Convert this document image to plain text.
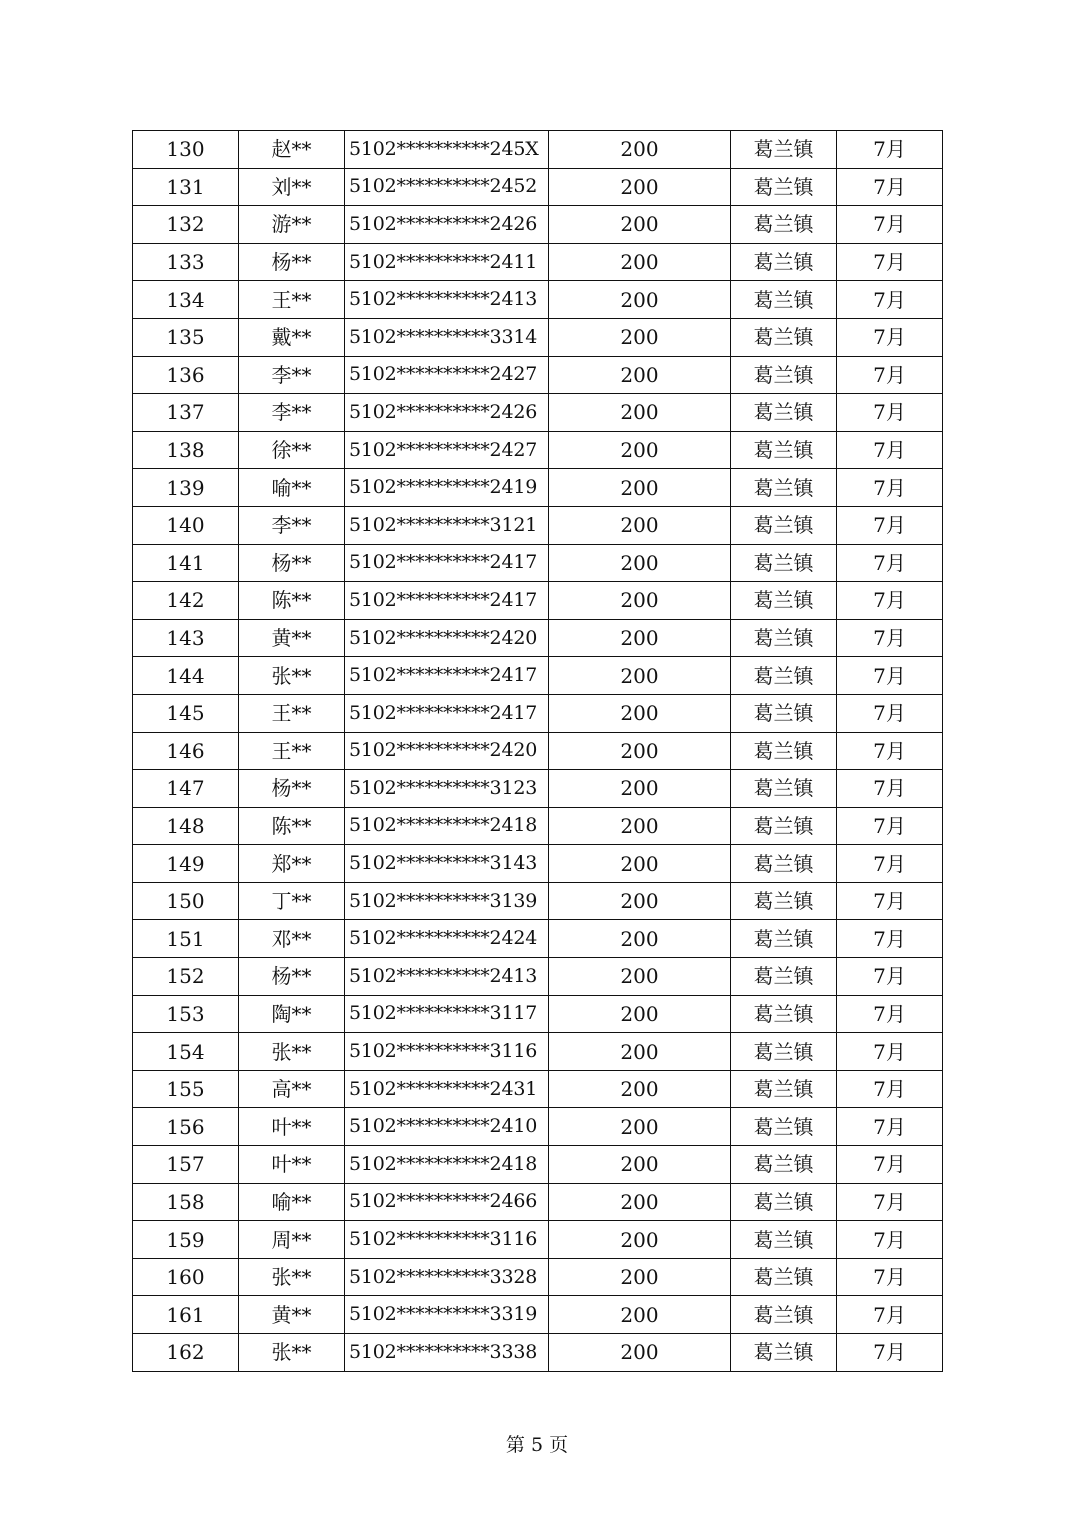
130	赵**	5102**********245X	200	葛兰镇	7月
131	刘**	5102**********2452	200	葛兰镇	7月
132	游**	5102**********2426	200	葛兰镇	7月
133	杨**	5102**********2411	200	葛兰镇	7月
134	王**	5102**********2413	200	葛兰镇	7月
135	戴**	5102**********3314	200	葛兰镇	7月
136	李**	5102**********2427	200	葛兰镇	7月
137	李**	5102**********2426	200	葛兰镇	7月
138	徐**	5102**********2427	200	葛兰镇	7月
139	喻**	5102**********2419	200	葛兰镇	7月
140	李**	5102**********3121	200	葛兰镇	7月
141	杨**	5102**********2417	200	葛兰镇	7月
142	陈**	5102**********2417	200	葛兰镇	7月
143	黄**	5102**********2420	200	葛兰镇	7月
144	张**	5102**********2417	200	葛兰镇	7月
145	王**	5102**********2417	200	葛兰镇	7月
146	王**	5102**********2420	200	葛兰镇	7月
147	杨**	5102**********3123	200	葛兰镇	7月
148	陈**	5102**********2418	200	葛兰镇	7月
149	郑**	5102**********3143	200	葛兰镇	7月
150	丁**	5102**********3139	200	葛兰镇	7月
151	邓**	5102**********2424	200	葛兰镇	7月
152	杨**	5102**********2413	200	葛兰镇	7月
153	陶**	5102**********3117	200	葛兰镇	7月
154	张**	5102**********3116	200	葛兰镇	7月
155	高**	5102**********2431	200	葛兰镇	7月
156	叶**	5102**********2410	200	葛兰镇	7月
157	叶**	5102**********2418	200	葛兰镇	7月
158	喻**	5102**********2466	200	葛兰镇	7月
159	周**	5102**********3116	200	葛兰镇	7月
160	张**	5102**********3328	200	葛兰镇	7月
161	黄**	5102**********3319	200	葛兰镇	7月
162	张**	5102**********3338	200	葛兰镇	7月
第 5 页
